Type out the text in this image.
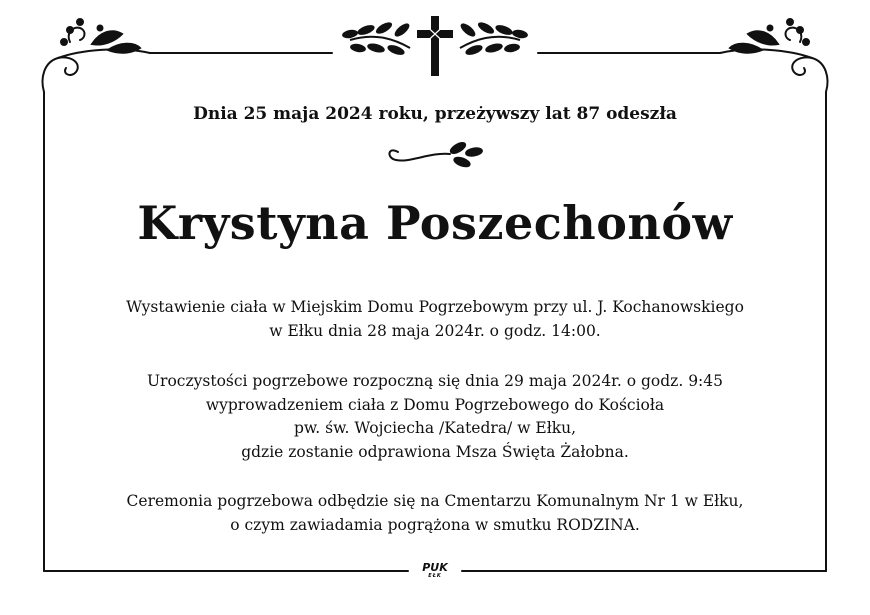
Dnia 25 maja 2024 roku, przeżywszy lat 87 odeszła
Krystyna Poszechonów
Wystawienie ciała w Miejskim Domu Pogrzebowym przy ul. J. Kochanowskiego
w Ełku dnia 28 maja 2024r. o godz. 14:00.
Uroczystości pogrzebowe rozpoczną się dnia 29 maja 2024r. o godz. 9:45
wyprowadzeniem ciała z Domu Pogrzebowego do Kościoła
pw. św. Wojciecha /Katedra/ w Ełku,
gdzie zostanie odprawiona Msza Święta Żałobna.
Ceremonia pogrzebowa odbędzie się na Cmentarzu Komunalnym Nr 1 w Ełku,
o czym zawiadamia pogrążona w smutku RODZINA.
PUK
EŁK
